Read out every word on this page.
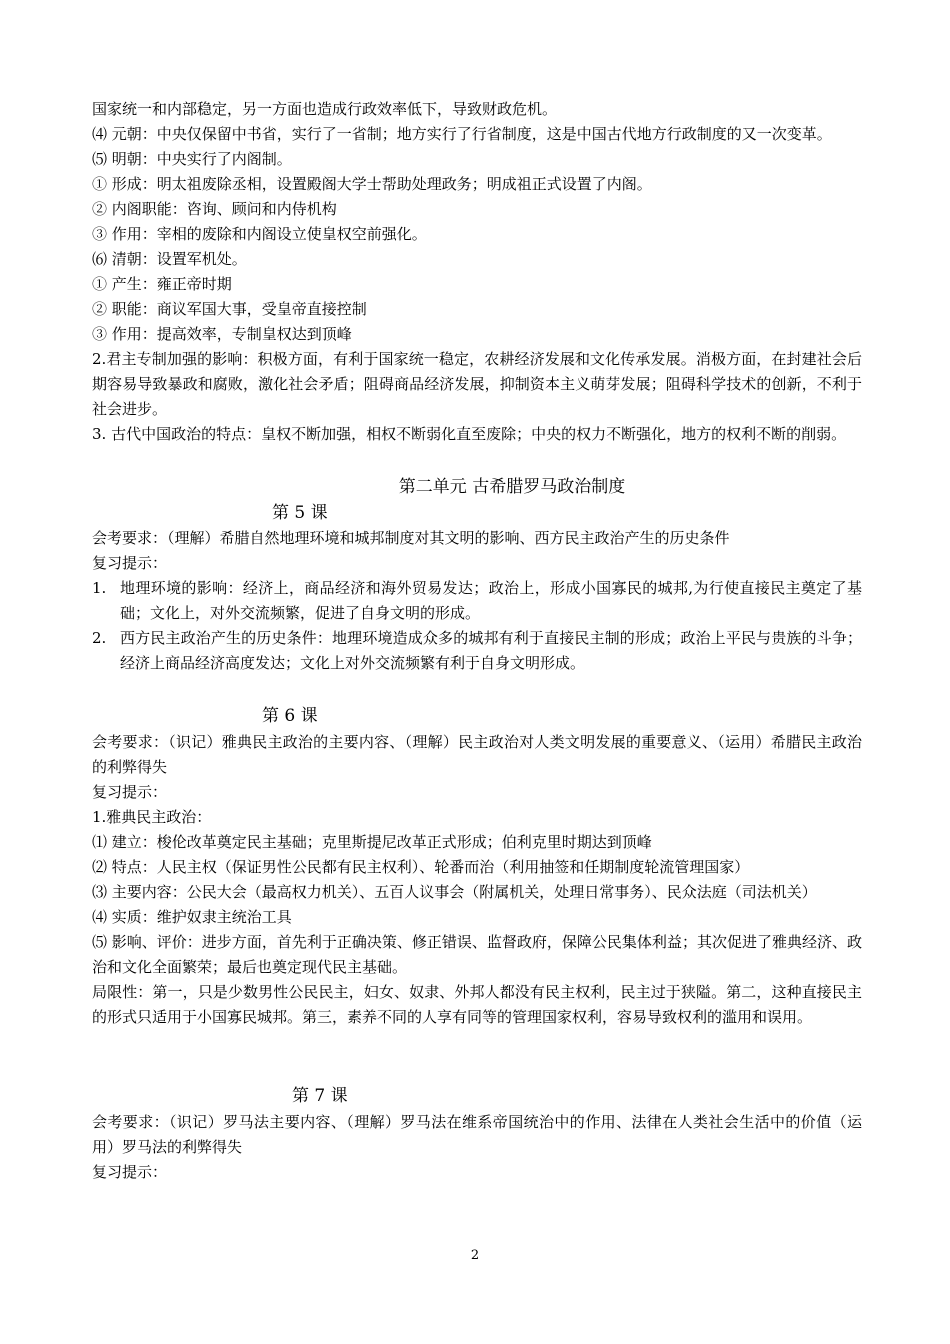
国家统一和内部稳定，另一方面也造成行政效率低下，导致财政危机。

⑷ 元朝：中央仅保留中书省，实行了一省制；地方实行了行省制度，这是中国古代地方行政制度的又一次变革。

⑸ 明朝：中央实行了内阁制。

① 形成：明太祖废除丞相，设置殿阁大学士帮助处理政务；明成祖正式设置了内阁。

② 内阁职能：咨询、顾问和内侍机构

③ 作用：宰相的废除和内阁设立使皇权空前强化。

⑹ 清朝：设置军机处。

① 产生：雍正帝时期

② 职能：商议军国大事，受皇帝直接控制

③ 作用：提高效率，专制皇权达到顶峰

2.君主专制加强的影响：积极方面，有利于国家统一稳定，农耕经济发展和文化传承发展。消极方面，在封建社会后期容易导致暴政和腐败，激化社会矛盾；阻碍商品经济发展，抑制资本主义萌芽发展；阻碍科学技术的创新，不利于社会进步。

3. 古代中国政治的特点：皇权不断加强，相权不断弱化直至废除；中央的权力不断强化，地方的权利不断的削弱。

第二单元 古希腊罗马政治制度
第 5 课

会考要求：（理解）希腊自然地理环境和城邦制度对其文明的影响、西方民主政治产生的历史条件

复习提示：

1. 地理环境的影响：经济上，商品经济和海外贸易发达；政治上，形成小国寡民的城邦,为行使直接民主奠定了基础；文化上，对外交流频繁，促进了自身文明的形成。
2. 西方民主政治产生的历史条件：地理环境造成众多的城邦有利于直接民主制的形成；政治上平民与贵族的斗争；经济上商品经济高度发达；文化上对外交流频繁有利于自身文明形成。
第 6 课

会考要求：（识记）雅典民主政治的主要内容、（理解）民主政治对人类文明发展的重要意义、（运用）希腊民主政治的利弊得失

复习提示：

1.雅典民主政治：

⑴ 建立：梭伦改革奠定民主基础；克里斯提尼改革正式形成；伯利克里时期达到顶峰

⑵ 特点：人民主权（保证男性公民都有民主权利）、轮番而治（利用抽签和任期制度轮流管理国家）

⑶ 主要内容：公民大会（最高权力机关）、五百人议事会（附属机关，处理日常事务）、民众法庭（司法机关）

⑷ 实质：维护奴隶主统治工具

⑸ 影响、评价：进步方面，首先利于正确决策、修正错误、监督政府，保障公民集体利益；其次促进了雅典经济、政治和文化全面繁荣；最后也奠定现代民主基础。

局限性：第一，只是少数男性公民民主，妇女、奴隶、外邦人都没有民主权利，民主过于狭隘。第二，这种直接民主的形式只适用于小国寡民城邦。第三，素养不同的人享有同等的管理国家权利，容易导致权利的滥用和误用。

第 7 课

会考要求：（识记）罗马法主要内容、（理解）罗马法在维系帝国统治中的作用、法律在人类社会生活中的价值（运用）罗马法的利弊得失

复习提示：

2
